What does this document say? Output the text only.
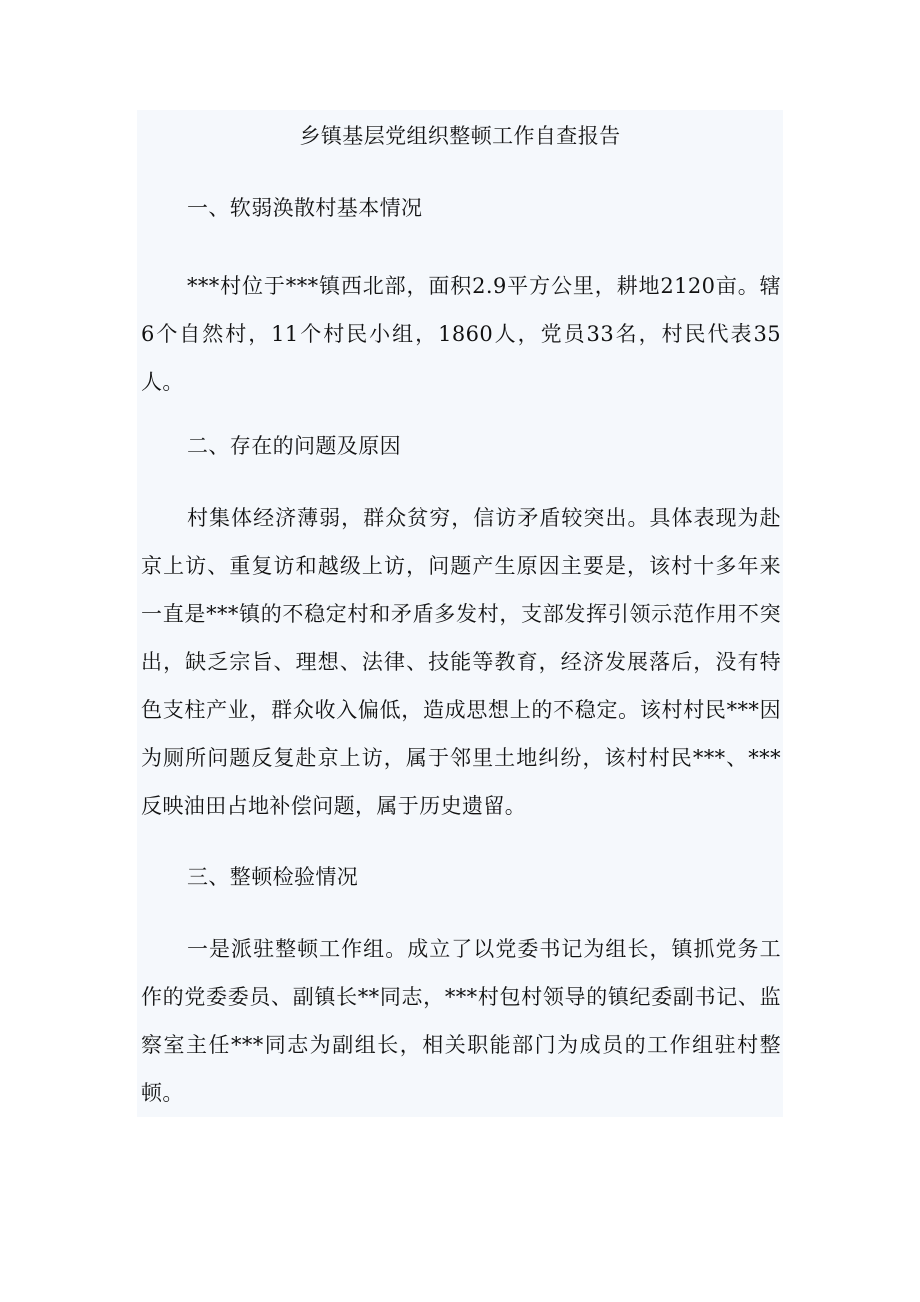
乡镇基层党组织整顿工作自查报告
一、软弱涣散村基本情况
***村位于***镇西北部，面积2.9平方公里，耕地2120亩。辖6个自然村，11个村民小组，1860人，党员33名，村民代表35人。
二、存在的问题及原因
村集体经济薄弱，群众贫穷，信访矛盾较突出。具体表现为赴京上访、重复访和越级上访，问题产生原因主要是，该村十多年来一直是***镇的不稳定村和矛盾多发村，支部发挥引领示范作用不突出，缺乏宗旨、理想、法律、技能等教育，经济发展落后，没有特色支柱产业，群众收入偏低，造成思想上的不稳定。该村村民***因为厕所问题反复赴京上访，属于邻里土地纠纷，该村村民***、***反映油田占地补偿问题，属于历史遗留。
三、整顿检验情况
一是派驻整顿工作组。成立了以党委书记为组长，镇抓党务工作的党委委员、副镇长**同志，***村包村领导的镇纪委副书记、监察室主任***同志为副组长，相关职能部门为成员的工作组驻村整顿。
